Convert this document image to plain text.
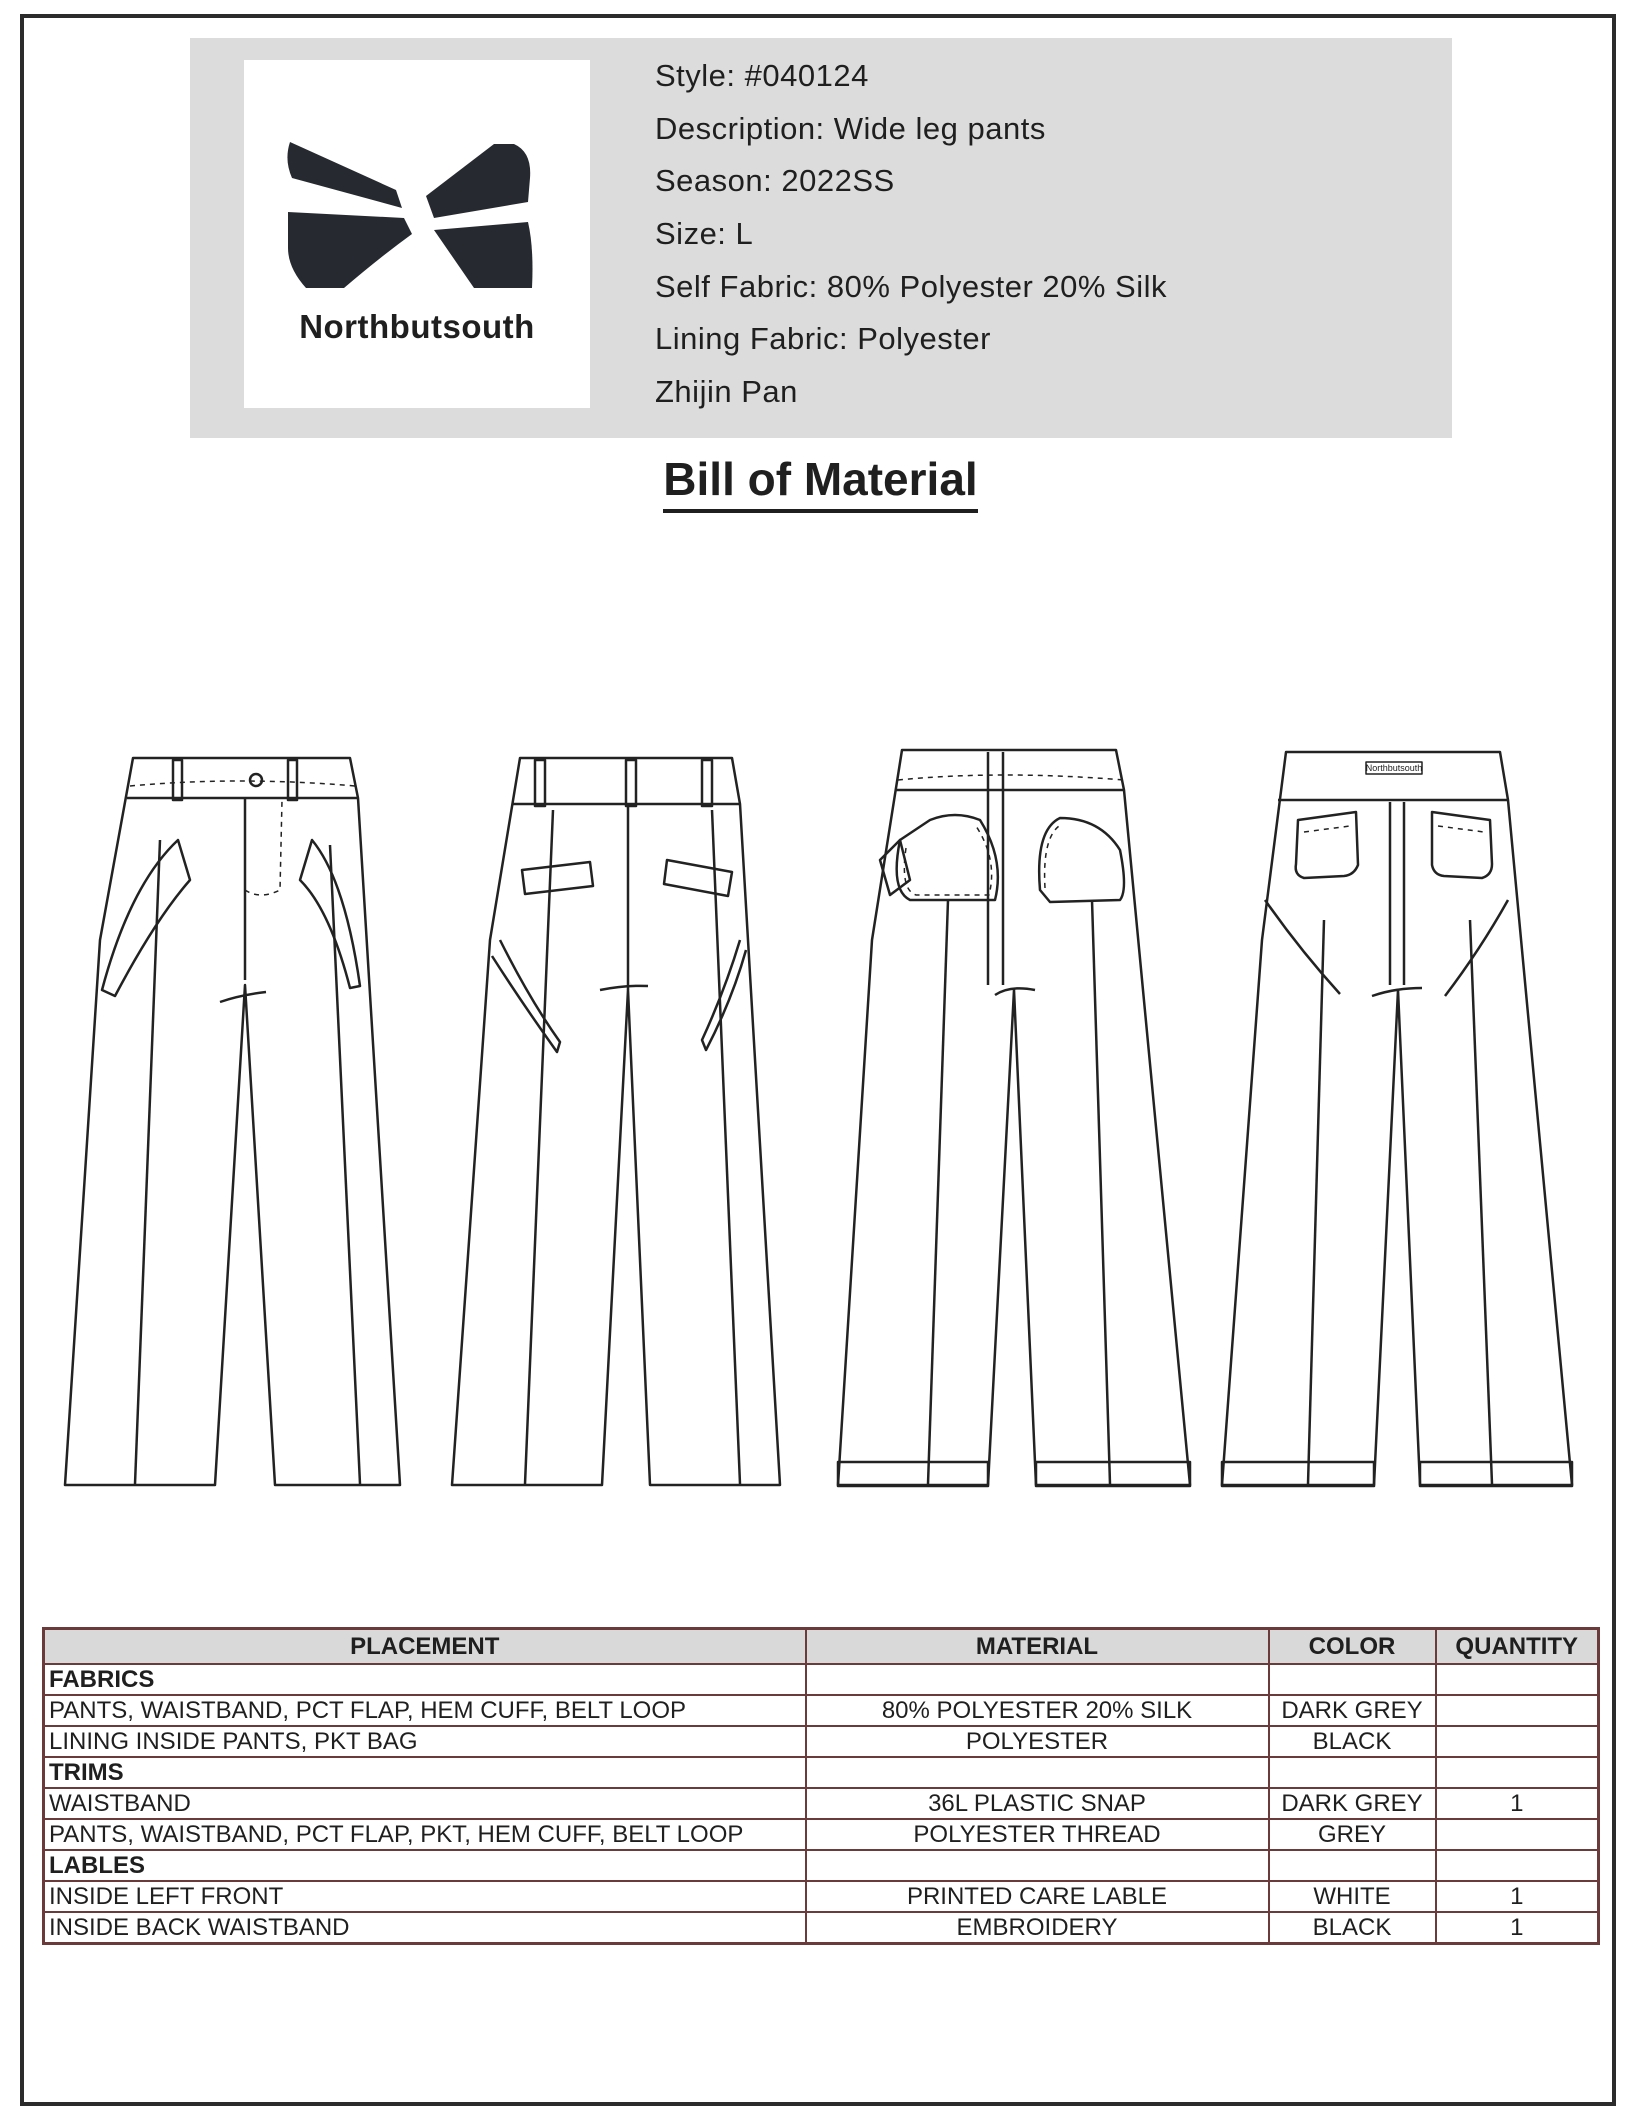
Northbutsouth
Style: #040124
Description: Wide leg pants
Season: 2022SS
Size: L
Self Fabric: 80% Polyester 20% Silk
Lining Fabric: Polyester
Zhijin Pan
Bill of Material
Northbutsouth
PLACEMENT	MATERIAL	COLOR	QUANTITY
FABRICS			
PANTS, WAISTBAND, PCT FLAP, HEM CUFF, BELT LOOP	80% POLYESTER 20% SILK	DARK GREY	
LINING INSIDE PANTS, PKT BAG	POLYESTER	BLACK	
TRIMS			
WAISTBAND	36L PLASTIC SNAP	DARK GREY	1
PANTS, WAISTBAND, PCT FLAP, PKT, HEM CUFF, BELT LOOP	POLYESTER THREAD	GREY	
LABLES			
INSIDE LEFT FRONT	PRINTED CARE LABLE	WHITE	1
INSIDE BACK WAISTBAND	EMBROIDERY	BLACK	1
